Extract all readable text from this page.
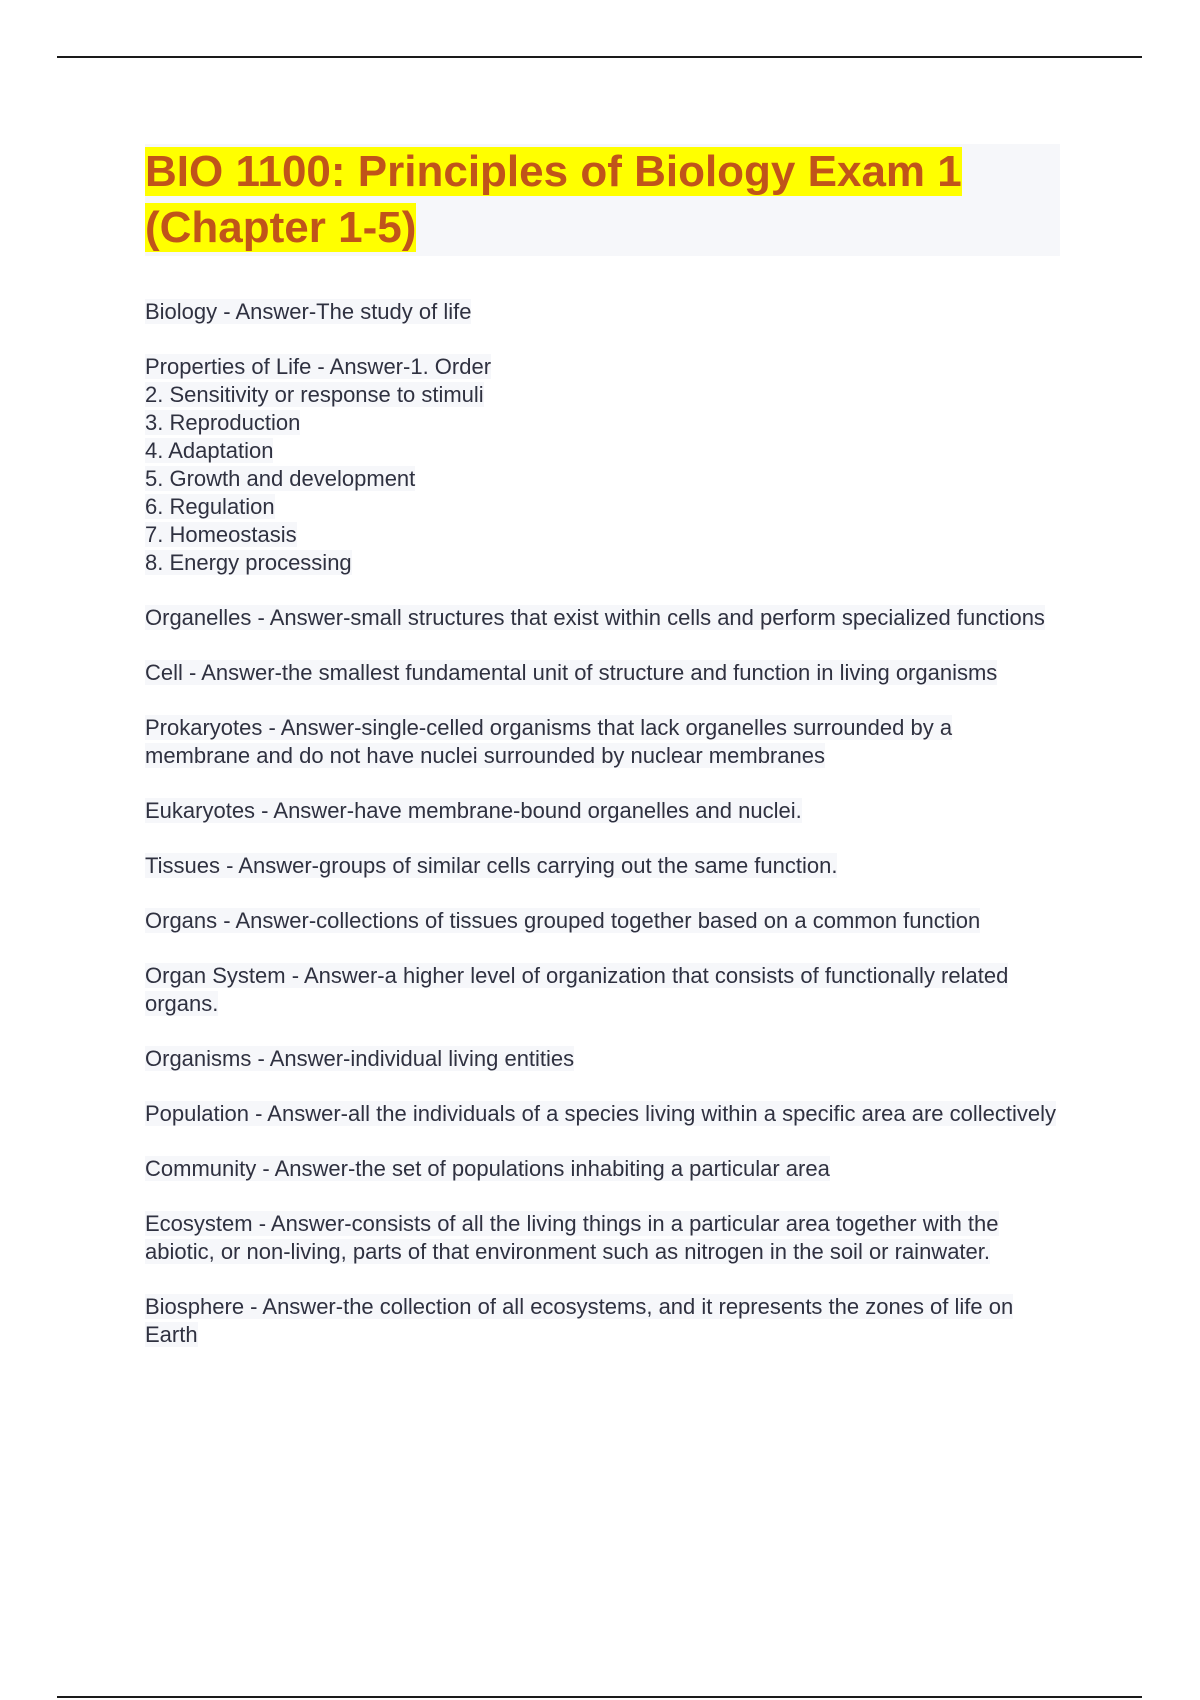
BIO 1100: Principles of Biology Exam 1 (Chapter 1-5)

Biology - Answer-The study of life

Properties of Life - Answer-1. Order
2. Sensitivity or response to stimuli
3. Reproduction
4. Adaptation
5. Growth and development
6. Regulation
7. Homeostasis
8. Energy processing

Organelles - Answer-small structures that exist within cells and perform specialized functions

Cell - Answer-the smallest fundamental unit of structure and function in living organisms

Prokaryotes - Answer-single-celled organisms that lack organelles surrounded by a membrane and do not have nuclei surrounded by nuclear membranes

Eukaryotes - Answer-have membrane-bound organelles and nuclei.

Tissues - Answer-groups of similar cells carrying out the same function.

Organs - Answer-collections of tissues grouped together based on a common function

Organ System - Answer-a higher level of organization that consists of functionally related organs.

Organisms - Answer-individual living entities

Population - Answer-all the individuals of a species living within a specific area are collectively

Community - Answer-the set of populations inhabiting a particular area

Ecosystem - Answer-consists of all the living things in a particular area together with the abiotic, or non-living, parts of that environment such as nitrogen in the soil or rainwater.

Biosphere - Answer-the collection of all ecosystems, and it represents the zones of life on Earth
